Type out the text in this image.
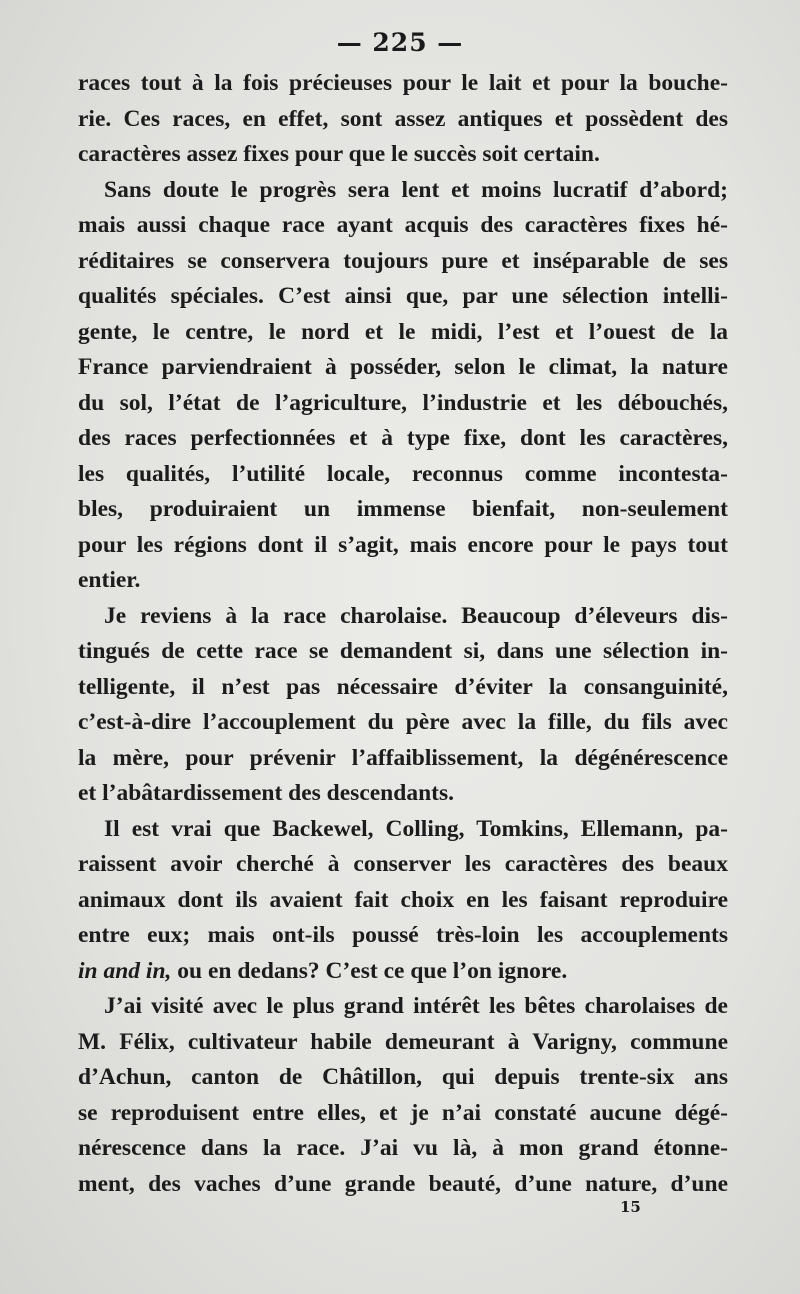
— 225 —
races tout à la fois précieuses pour le lait et pour la bouche-
rie. Ces races, en effet, sont assez antiques et possèdent des
caractères assez fixes pour que le succès soit certain.
Sans doute le progrès sera lent et moins lucratif d’abord;
mais aussi chaque race ayant acquis des caractères fixes hé-
réditaires se conservera toujours pure et inséparable de ses
qualités spéciales. C’est ainsi que, par une sélection intelli-
gente, le centre, le nord et le midi, l’est et l’ouest de la
France parviendraient à posséder, selon le climat, la nature
du sol, l’état de l’agriculture, l’industrie et les débouchés,
des races perfectionnées et à type fixe, dont les caractères,
les qualités, l’utilité locale, reconnus comme incontesta-
bles, produiraient un immense bienfait, non-seulement
pour les régions dont il s’agit, mais encore pour le pays tout
entier.
Je reviens à la race charolaise. Beaucoup d’éleveurs dis-
tingués de cette race se demandent si, dans une sélection in-
telligente, il n’est pas nécessaire d’éviter la consanguinité,
c’est-à-dire l’accouplement du père avec la fille, du fils avec
la mère, pour prévenir l’affaiblissement, la dégénérescence
et l’abâtardissement des descendants.
Il est vrai que Backewel, Colling, Tomkins, Ellemann, pa-
raissent avoir cherché à conserver les caractères des beaux
animaux dont ils avaient fait choix en les faisant reproduire
entre eux; mais ont-ils poussé très-loin les accouplements
in and in, ou en dedans? C’est ce que l’on ignore.
J’ai visité avec le plus grand intérêt les bêtes charolaises de
M. Félix, cultivateur habile demeurant à Varigny, commune
d’Achun, canton de Châtillon, qui depuis trente-six ans
se reproduisent entre elles, et je n’ai constaté aucune dégé-
nérescence dans la race. J’ai vu là, à mon grand étonne-
ment, des vaches d’une grande beauté, d’une nature, d’une
15
